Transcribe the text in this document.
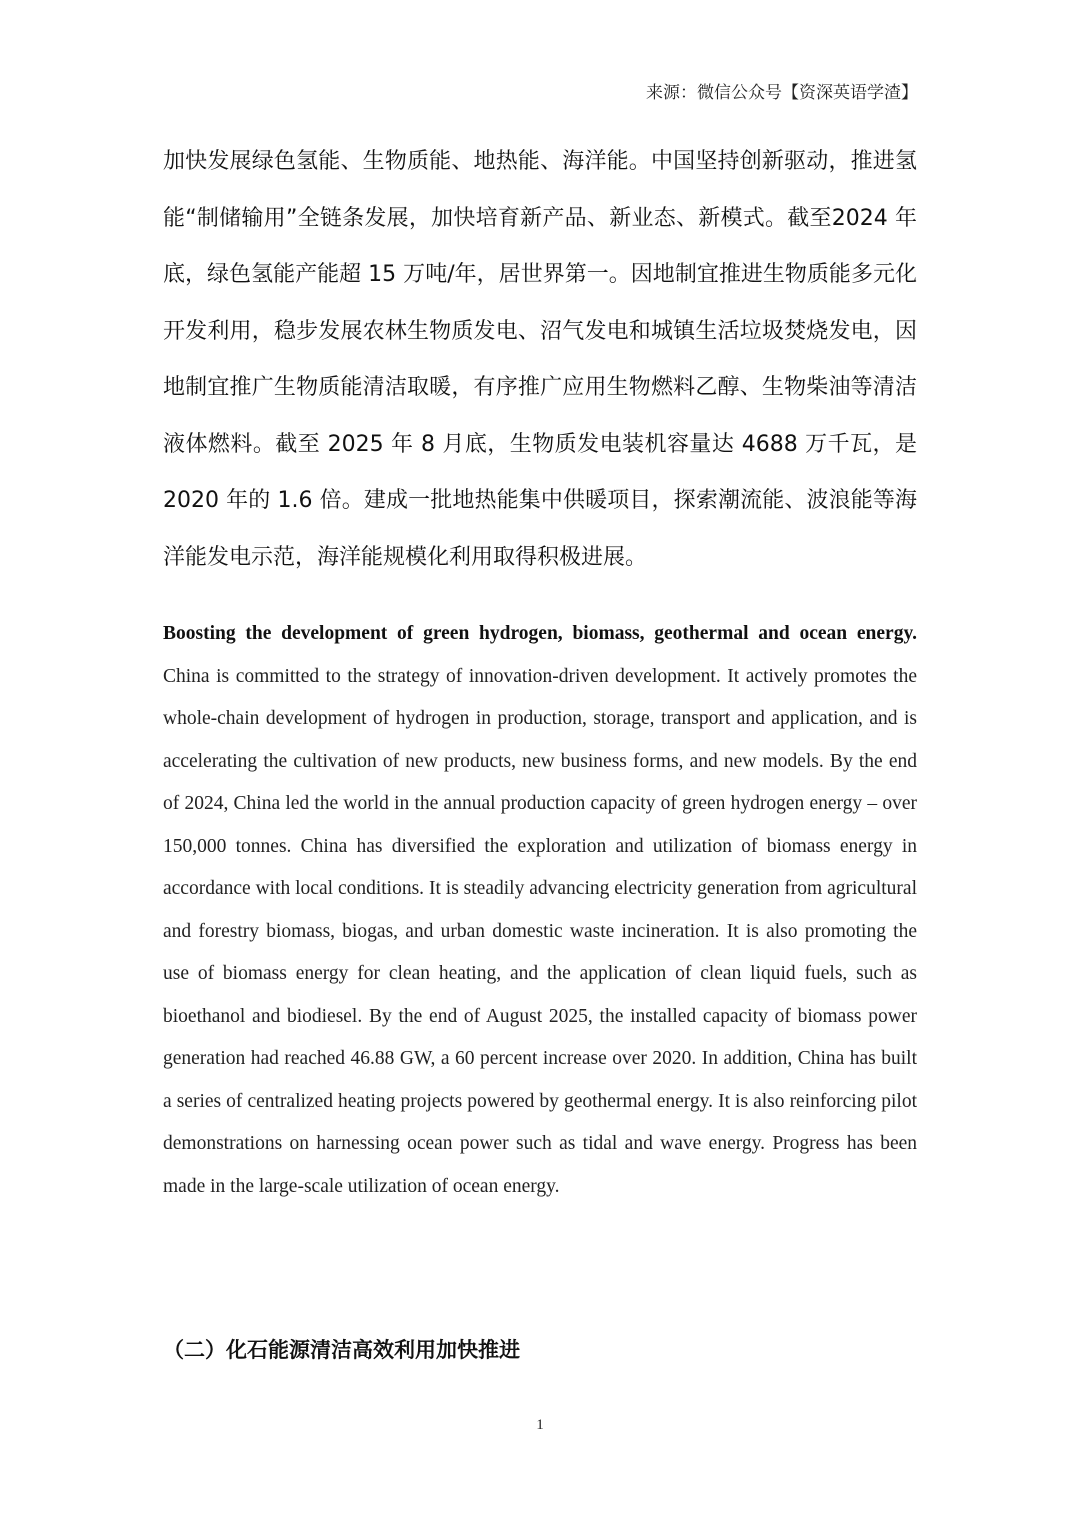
来源：微信公众号【资深英语学渣】

加快发展绿色氢能、生物质能、地热能、海洋能。中国坚持创新驱动，推进氢能“制储输用”全链条发展，加快培育新产品、新业态、新模式。截至2024 年底，绿色氢能产能超 15 万吨/年，居世界第一。因地制宜推进生物质能多元化开发利用，稳步发展农林生物质发电、沼气发电和城镇生活垃圾焚烧发电，因地制宜推广生物质能清洁取暖，有序推广应用生物燃料乙醇、生物柴油等清洁液体燃料。截至 2025 年 8 月底，生物质发电装机容量达 4688 万千瓦，是 2020 年的 1.6 倍。建成一批地热能集中供暖项目，探索潮流能、波浪能等海洋能发电示范，海洋能规模化利用取得积极进展。

Boosting the development of green hydrogen, biomass, geothermal and ocean energy. China is committed to the strategy of innovation-driven development. It actively promotes the whole-chain development of hydrogen in production, storage, transport and application, and is accelerating the cultivation of new products, new business forms, and new models. By the end of 2024, China led the world in the annual production capacity of green hydrogen energy – over 150,000 tonnes. China has diversified the exploration and utilization of biomass energy in accordance with local conditions. It is steadily advancing electricity generation from agricultural and forestry biomass, biogas, and urban domestic waste incineration. It is also promoting the use of biomass energy for clean heating, and the application of clean liquid fuels, such as bioethanol and biodiesel. By the end of August 2025, the installed capacity of biomass power generation had reached 46.88 GW, a 60 percent increase over 2020. In addition, China has built a series of centralized heating projects powered by geothermal energy. It is also reinforcing pilot demonstrations on harnessing ocean power such as tidal and wave energy. Progress has been made in the large-scale utilization of ocean energy.

（二）化石能源清洁高效利用加快推进
1
